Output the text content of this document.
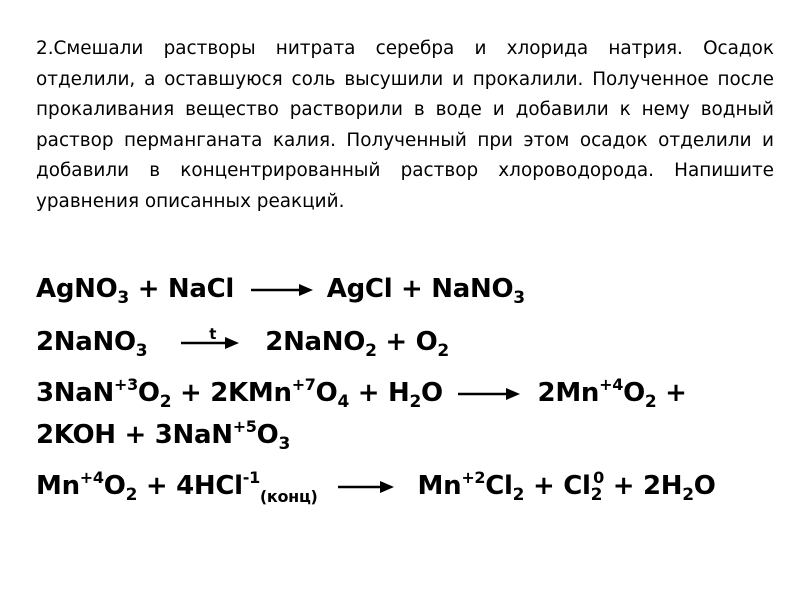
2.Смешали растворы нитрата серебра и хлорида натрия. Осадок отделили, а оставшуюся соль высушили и прокалили. Полученное после прокаливания вещество растворили в воде и добавили к нему водный раствор перманганата калия. Полученный при этом осадок отделили и добавили в концентрированный раствор хлороводорода. Напишите уравнения описанных реакций.

AgNO$_3$ + NaCl → AgCl + NaNO$_3$
2NaNO$_3$
t 2NaNO$_2$ + $O_2$
$3NaN^{+3}O_2 + 2KMn^{+7}O_4 + H_2O \to 2Mn^{+4}O_2$ +
$2KOH + 3NaN^{+5}O_3$
$Mn^{+4}O_2 + 4HCl^{-1}_{(конц)} \to Mn^{+2}Cl_2 + Cl_2^0 + 2H_2O$
